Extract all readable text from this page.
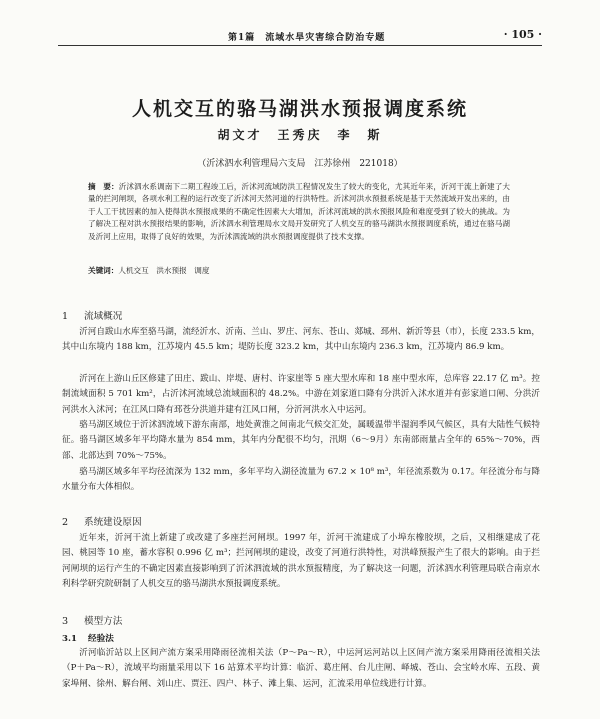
第1篇　流域水旱灾害综合防治专题	· 105 ·
人机交互的骆马湖洪水预报调度系统
胡文才　王秀庆　李　斯
（沂沭泗水利管理局六支局　江苏徐州　221018）
摘　要：沂沭泗水系调南下二期工程竣工后，沂沭河流域防洪工程情况发生了较大的变化，尤其近年来，沂河干流上新建了大量的拦河闸坝，各项水利工程的运行改变了沂沭河天然河道的行洪特性。沂沭河洪水预报系统是基于天然流域开发出来的，由于人工干扰因素的加入使得洪水预报成果的不确定性因素大大增加，沂沭河流域的洪水预报风险和难度受到了较大的挑战。为了解决工程对洪水预报结果的影响，沂沭泗水利管理局水文局开发研究了人机交互的骆马湖洪水预报调度系统，通过在骆马湖及沂河上应用，取得了良好的效果，为沂沭泗流域的洪水预报调度提供了技术支撑。
关键词：人机交互　洪水预报　调度
1 流域概况
沂河自跋山水库至骆马湖，流经沂水、沂南、兰山、罗庄、河东、苍山、郯城、邳州、新沂等县（市），长度 233.5 km，其中山东境内 188 km，江苏境内 45.5 km；堤防长度 323.2 km，其中山东境内 236.3 km，江苏境内 86.9 km。
沂河在上游山丘区修建了田庄、跋山、岸堤、唐村、许家崖等 5 座大型水库和 18 座中型水库，总库容 22.17 亿 m³。控制流域面积 5 701 km²，占沂沭河流域总流域面积的 48.2%。中游在刘家道口降有分洪沂入沭水道并有彭家道口闸、分洪沂河洪水入沭河；在江风口降有邳苍分洪道并建有江风口闸，分沂河洪水入中运河。
骆马湖区域位于沂沭泗流域下游东南部，地处黄淮之间南北气候交汇处，属暖温带半湿润季风气候区，具有大陆性气候特征。骆马湖区域多年平均降水量为 854 mm，其年内分配很不均匀，汛期（6～9月）东南部雨量占全年的 65%～70%，西部、北部达到 70%～75%。
骆马湖区域多年平均径流深为 132 mm，多年平均入湖径流量为 67.2 × 10⁸ m³，年径流系数为 0.17。年径流分布与降水量分布大体相似。
2 系统建设原因
近年来，沂河干流上新建了或改建了多座拦河闸坝。1997 年，沂河干流建成了小埠东橡胶坝，之后，又相继建成了花园、桃园等 10 座，蓄水容积 0.996 亿 m³；拦河闸坝的建设，改变了河道行洪特性，对洪峰预报产生了很大的影响。由于拦河闸坝的运行产生的不确定因素直接影响到了沂沭泗流域的洪水预报精度，为了解决这一问题，沂沭泗水利管理局联合南京水利科学研究院研制了人机交互的骆马湖洪水预报调度系统。
3 模型方法
3.1 经验法
沂河临沂站以上区间产流方案采用降雨径流相关法（P～Pa～R），中运河运河站以上区间产流方案采用降雨径流相关法（P＋Pa～R），流域平均雨量采用以下 16 站算术平均计算：临沂、葛庄闸、台儿庄闸、峄城、苍山、会宝岭水库、五段、黄家埠闸、徐州、解台闸、刘山庄、贾汪、四户、林子、滩上集、运河，汇流采用单位线进行计算。
